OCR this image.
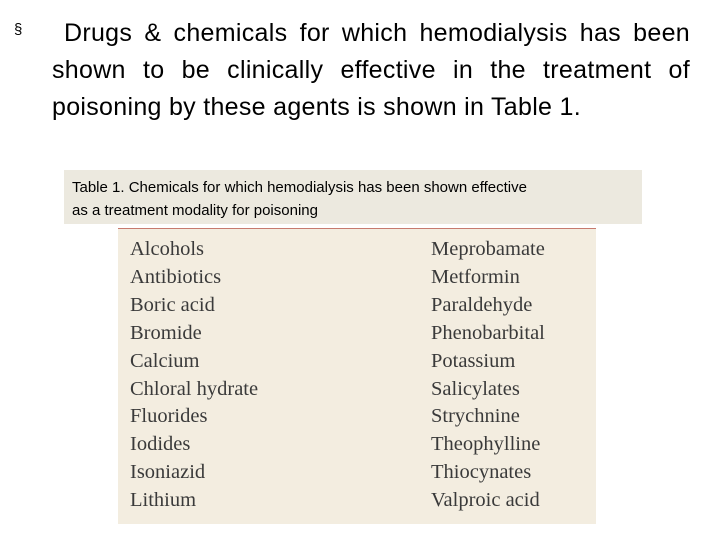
§	Drugs & chemicals for which hemodialysis has been shown to be clinically effective in the treatment of poisoning by these agents is shown in Table 1.

Table 1. Chemicals for which hemodialysis has been shown effective
as a treatment modality for poisoning
Alcohols
Antibiotics
Boric acid
Bromide
Calcium
Chloral hydrate
Fluorides
Iodides
Isoniazid
Lithium
Meprobamate
Metformin
Paraldehyde
Phenobarbital
Potassium
Salicylates
Strychnine
Theophylline
Thiocynates
Valproic acid
